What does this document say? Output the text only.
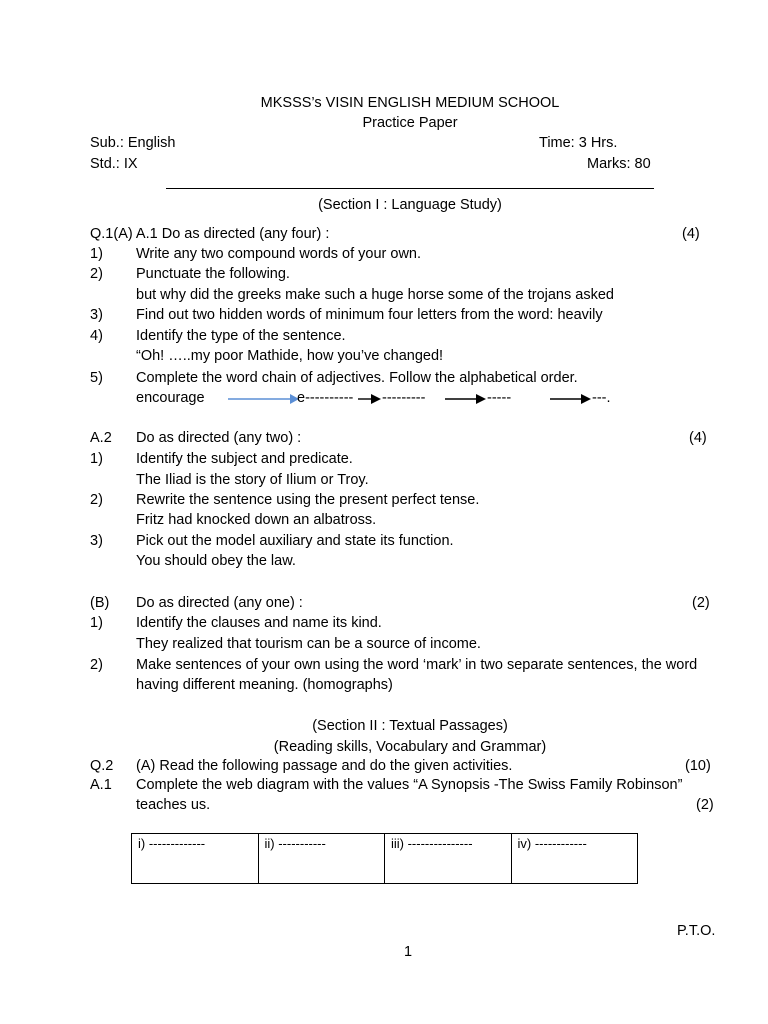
MKSSS’s VISIN ENGLISH MEDIUM SCHOOL
Practice Paper
Sub.: English	Time: 3 Hrs.
Std.: IX	Marks: 80
(Section I : Language Study)
Q.1(A) A.1 Do as directed (any four) :	(4)
1) Write any two compound words of your own.
2) Punctuate the following.
but why did the greeks make such a huge horse some of the trojans asked
3) Find out two hidden words of minimum four letters from the word: heavily
4) Identify the type of the sentence.
“Oh! …..my poor Mathide, how you’ve changed!
5) Complete the word chain of adjectives. Follow the alphabetical order.
encourage	e---------- ---------	-----	---.
A.2 Do as directed (any two) :	(4)
1) Identify the subject and predicate.
The Iliad is the story of Ilium or Troy.
2) Rewrite the sentence using the present perfect tense.
Fritz had knocked down an albatross.
3) Pick out the model auxiliary and state its function.
You should obey the law.
(B) Do as directed (any one) :	(2)
1) Identify the clauses and name its kind.
They realized that tourism can be a source of income.
2) Make sentences of your own using the word ‘mark’ in two separate sentences, the word
having different meaning. (homographs)
(Section II : Textual Passages)
(Reading skills, Vocabulary and Grammar)
Q.2 (A) Read the following passage and do the given activities.	(10)
A.1 Complete the web diagram with the values “A Synopsis -The Swiss Family Robinson”
teaches us.	(2)
i) -------------	ii) -----------	iii) ---------------	iv) ------------
P.T.O.
1
